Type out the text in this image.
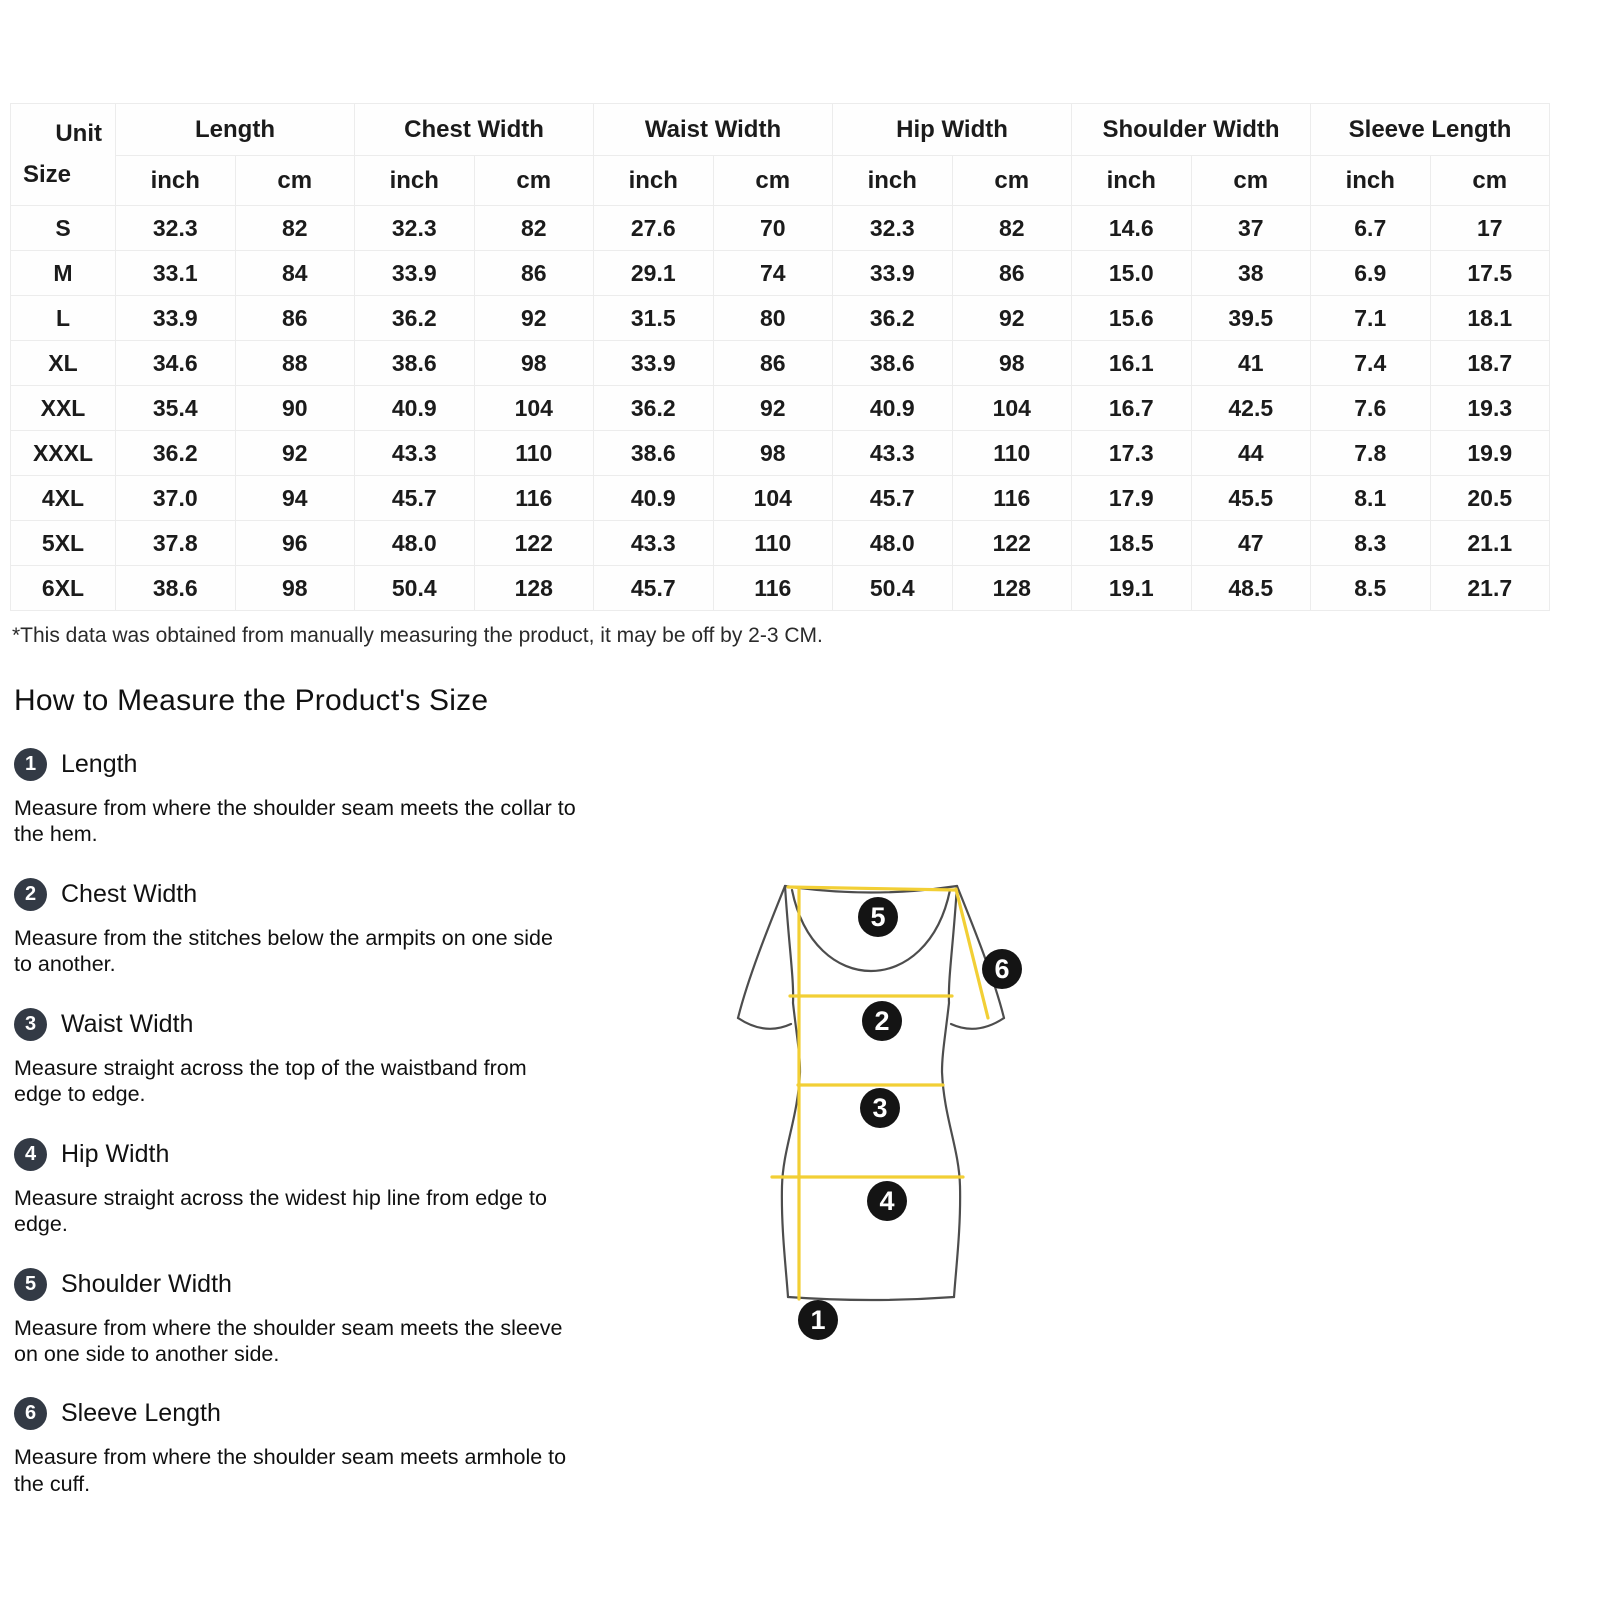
Unit
Size	Length		Chest Width		Waist Width		Hip Width		Shoulder Width		Sleeve Length	
	inch	cm	inch	cm	inch	cm	inch	cm	inch	cm	inch	cm
S	32.3	82	32.3	82	27.6	70	32.3	82	14.6	37	6.7	17
M	33.1	84	33.9	86	29.1	74	33.9	86	15.0	38	6.9	17.5
L	33.9	86	36.2	92	31.5	80	36.2	92	15.6	39.5	7.1	18.1
XL	34.6	88	38.6	98	33.9	86	38.6	98	16.1	41	7.4	18.7
XXL	35.4	90	40.9	104	36.2	92	40.9	104	16.7	42.5	7.6	19.3
XXXL	36.2	92	43.3	110	38.6	98	43.3	110	17.3	44	7.8	19.9
4XL	37.0	94	45.7	116	40.9	104	45.7	116	17.9	45.5	8.1	20.5
5XL	37.8	96	48.0	122	43.3	110	48.0	122	18.5	47	8.3	21.1
6XL	38.6	98	50.4	128	45.7	116	50.4	128	19.1	48.5	8.5	21.7

*This data was obtained from manually measuring the product, it may be off by 2-3 CM.

How to Measure the Product's Size
1 Length

Measure from where the shoulder seam meets the collar to the hem.

2 Chest Width

Measure from the stitches below the armpits on one side to another.

3 Waist Width

Measure straight across the top of the waistband from edge to edge.

4 Hip Width

Measure straight across the widest hip line from edge to edge.

5 Shoulder Width

Measure from where the shoulder seam meets the sleeve on one side to another side.

6 Sleeve Length

Measure from where the shoulder seam meets armhole to the cuff.

5
6
2
3
4
1
